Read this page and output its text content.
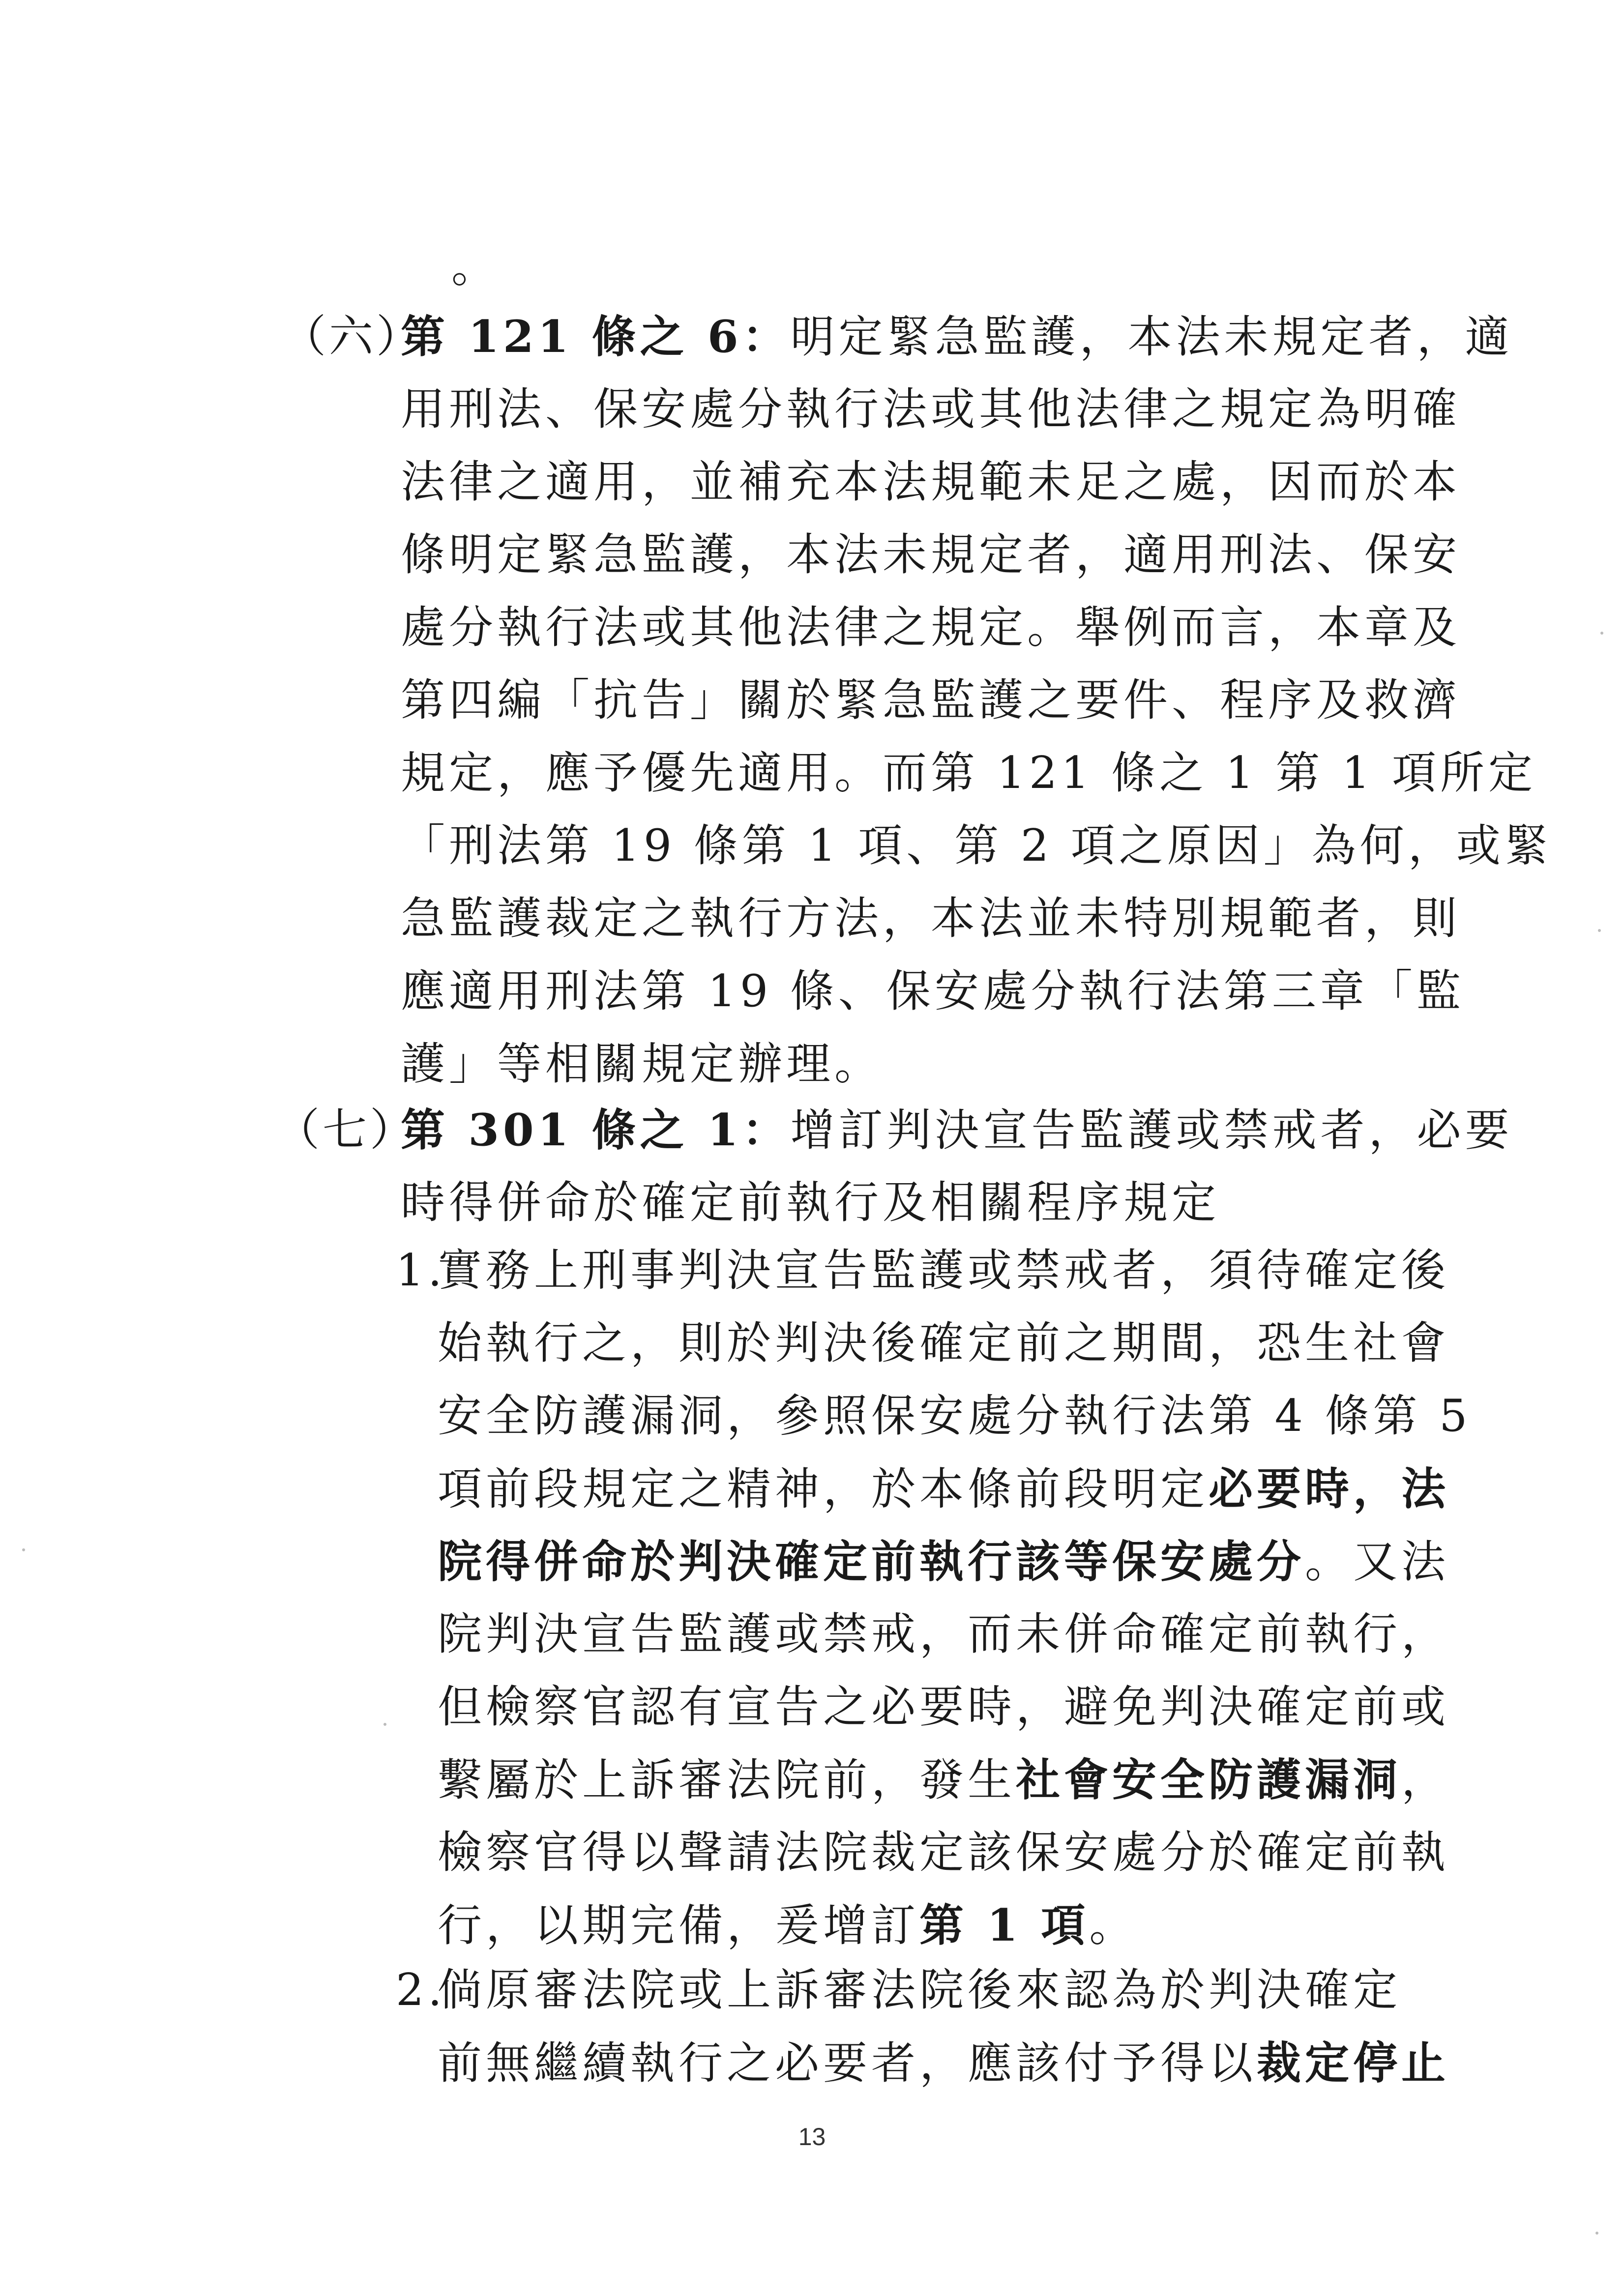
。
（六）
第 121 條之 6：明定緊急監護，本法未規定者，適
用刑法、保安處分執行法或其他法律之規定為明確
法律之適用，並補充本法規範未足之處，因而於本
條明定緊急監護，本法未規定者，適用刑法、保安
處分執行法或其他法律之規定。舉例而言，本章及
第四編「抗告」關於緊急監護之要件、程序及救濟
規定，應予優先適用。而第 121 條之 1 第 1 項所定
「刑法第 19 條第 1 項、第 2 項之原因」為何，或緊
急監護裁定之執行方法，本法並未特別規範者，則
應適用刑法第 19 條、保安處分執行法第三章「監
護」等相關規定辦理。
（七）
第 301 條之 1：增訂判決宣告監護或禁戒者，必要
時得併命於確定前執行及相關程序規定
1.
實務上刑事判決宣告監護或禁戒者，須待確定後
始執行之，則於判決後確定前之期間，恐生社會
安全防護漏洞，參照保安處分執行法第 4 條第 5
項前段規定之精神，於本條前段明定必要時，法
院得併命於判決確定前執行該等保安處分。又法
院判決宣告監護或禁戒，而未併命確定前執行，
但檢察官認有宣告之必要時，避免判決確定前或
繫屬於上訴審法院前，發生社會安全防護漏洞，
檢察官得以聲請法院裁定該保安處分於確定前執
行，以期完備，爰增訂第 1 項。
2.
倘原審法院或上訴審法院後來認為於判決確定
前無繼續執行之必要者，應該付予得以裁定停止
13
